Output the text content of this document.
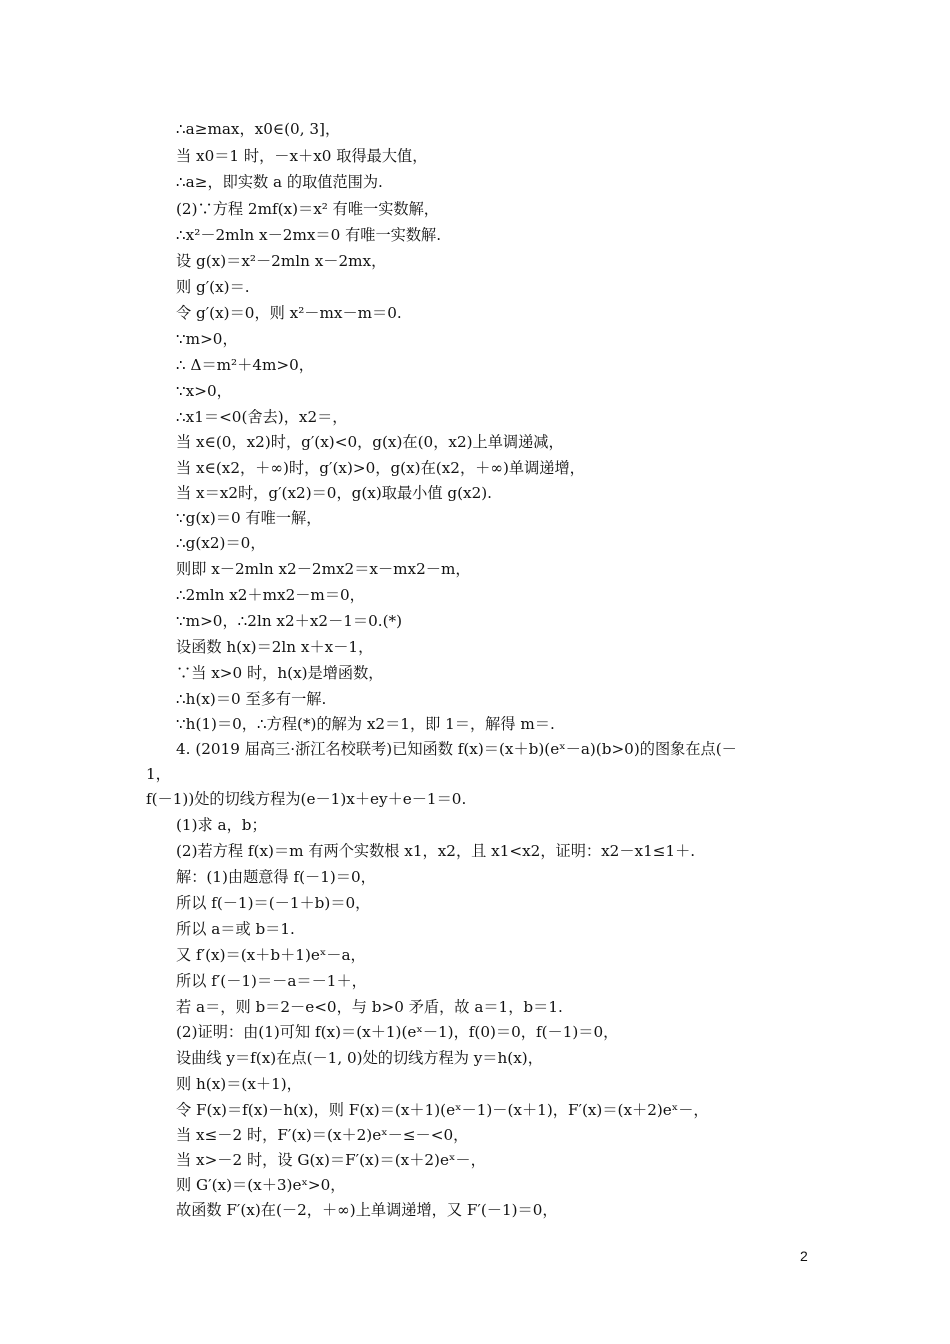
∴a≥max，x0∈(0, 3]，
当 x0＝1 时，－x＋x0 取得最大值，
∴a≥，即实数 a 的取值范围为.
(2)∵方程 2mf(x)＝x² 有唯一实数解，
∴x²－2mln x－2mx＝0 有唯一实数解.
设 g(x)＝x²－2mln x－2mx，
则 g′(x)＝.
令 g′(x)＝0，则 x²－mx－m＝0.
∵m>0，
∴ Δ＝m²＋4m>0，
∵x>0，
∴x1＝<0(舍去)，x2＝，
当 x∈(0，x2)时，g′(x)<0，g(x)在(0，x2)上单调递减，
当 x∈(x2，＋∞)时，g′(x)>0，g(x)在(x2，＋∞)单调递增，
当 x＝x2时，g′(x2)＝0，g(x)取最小值 g(x2).
∵g(x)＝0 有唯一解，
∴g(x2)＝0，
则即 x－2mln x2－2mx2＝x－mx2－m，
∴2mln x2＋mx2－m＝0，
∵m>0，∴2ln x2＋x2－1＝0.(*)
设函数 h(x)＝2ln x＋x－1，
∵当 x>0 时，h(x)是增函数，
∴h(x)＝0 至多有一解.
∵h(1)＝0，∴方程(*)的解为 x2＝1，即 1＝，解得 m＝.
4. (2019 届高三·浙江名校联考)已知函数 f(x)＝(x＋b)(eˣ－a)(b>0)的图象在点(－
1，
f(－1))处的切线方程为(e－1)x＋ey＋e－1＝0.
(1)求 a，b；
(2)若方程 f(x)＝m 有两个实数根 x1，x2，且 x1<x2，证明：x2－x1≤1＋.
解：(1)由题意得 f(－1)＝0，
所以 f(－1)＝(－1＋b)＝0，
所以 a＝或 b＝1.
又 f′(x)＝(x＋b＋1)eˣ－a，
所以 f′(－1)＝－a＝－1＋，
若 a＝，则 b＝2－e<0，与 b>0 矛盾，故 a＝1，b＝1.
(2)证明：由(1)可知 f(x)＝(x＋1)(eˣ－1)，f(0)＝0，f(－1)＝0，
设曲线 y＝f(x)在点(－1, 0)处的切线方程为 y＝h(x)，
则 h(x)＝(x＋1)，
令 F(x)＝f(x)－h(x)，则 F(x)＝(x＋1)(eˣ－1)－(x＋1)，F′(x)＝(x＋2)eˣ－，
当 x≤－2 时，F′(x)＝(x＋2)eˣ－≤－<0，
当 x>－2 时，设 G(x)＝F′(x)＝(x＋2)eˣ－，
则 G′(x)＝(x＋3)eˣ>0，
故函数 F′(x)在(－2，＋∞)上单调递增，又 F′(－1)＝0，
2
